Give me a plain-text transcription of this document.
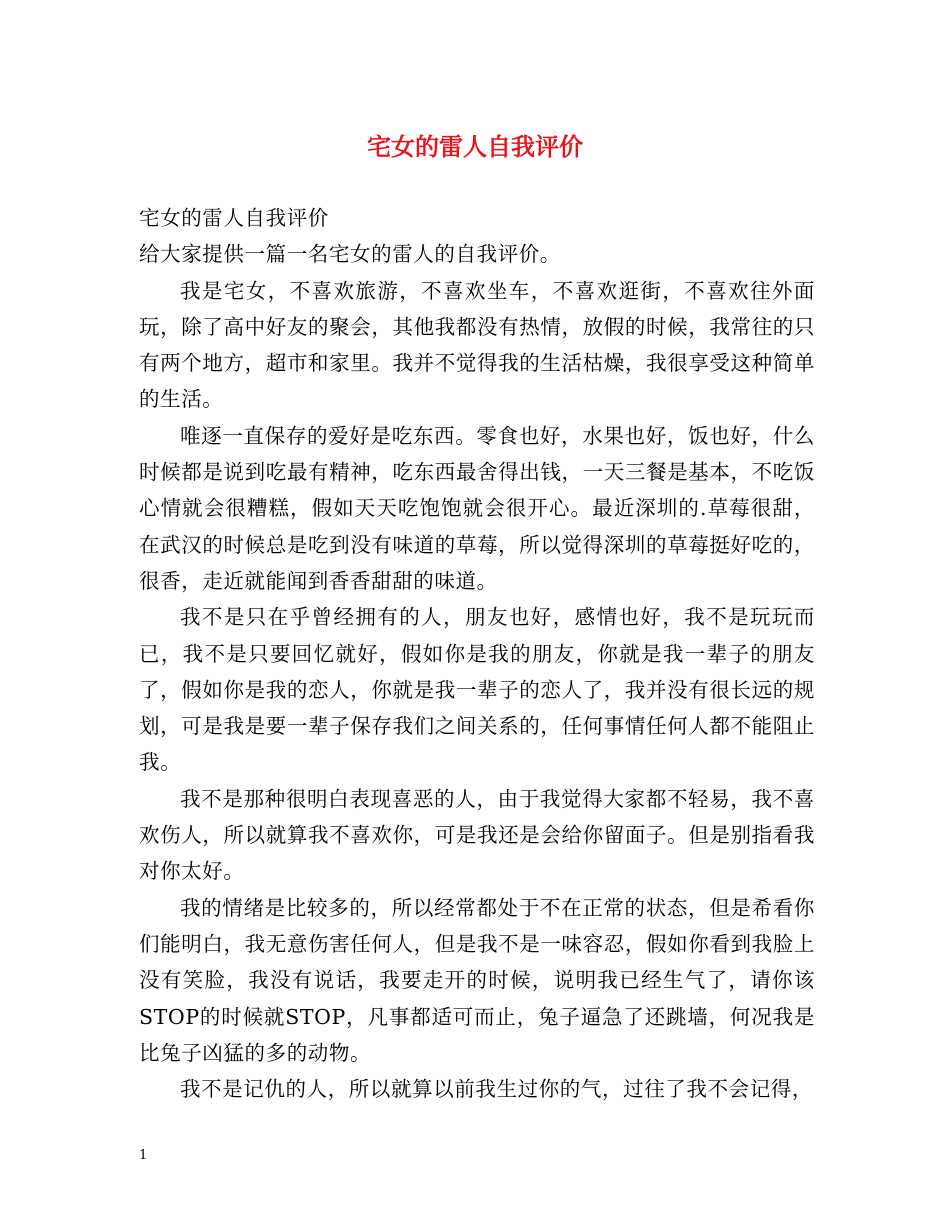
宅女的雷人自我评价

宅女的雷人自我评价

给大家提供一篇一名宅女的雷人的自我评价。

我是宅女，不喜欢旅游，不喜欢坐车，不喜欢逛街，不喜欢往外面玩，除了高中好友的聚会，其他我都没有热情，放假的时候，我常往的只有两个地方，超市和家里。我并不觉得我的生活枯燥，我很享受这种简单的生活。

唯逐一直保存的爱好是吃东西。零食也好，水果也好，饭也好，什么时候都是说到吃最有精神，吃东西最舍得出钱，一天三餐是基本，不吃饭心情就会很糟糕，假如天天吃饱饱就会很开心。最近深圳的.草莓很甜，在武汉的时候总是吃到没有味道的草莓，所以觉得深圳的草莓挺好吃的，很香，走近就能闻到香香甜甜的味道。

我不是只在乎曾经拥有的人，朋友也好，感情也好，我不是玩玩而已，我不是只要回忆就好，假如你是我的朋友，你就是我一辈子的朋友了，假如你是我的恋人，你就是我一辈子的恋人了，我并没有很长远的规划，可是我是要一辈子保存我们之间关系的，任何事情任何人都不能阻止我。

我不是那种很明白表现喜恶的人，由于我觉得大家都不轻易，我不喜欢伤人，所以就算我不喜欢你，可是我还是会给你留面子。但是别指看我对你太好。

我的情绪是比较多的，所以经常都处于不在正常的状态，但是希看你们能明白，我无意伤害任何人，但是我不是一味容忍，假如你看到我脸上没有笑脸，我没有说话，我要走开的时候，说明我已经生气了，请你该STOP的时候就STOP，凡事都适可而止，兔子逼急了还跳墙，何况我是比兔子凶猛的多的动物。

我不是记仇的人，所以就算以前我生过你的气，过往了我不会记得，

1
